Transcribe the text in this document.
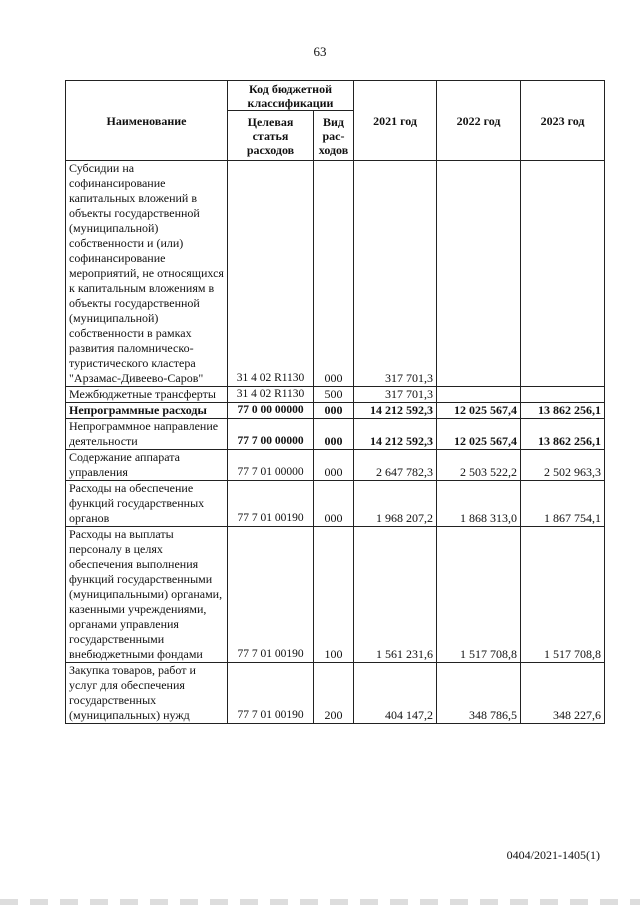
63
Наименование	Код бюджетной классификации		2021 год	2022 год	2023 год
	Целевая статья расходов	Вид рас-ходов			
Субсидии на софинансирование капитальных вложений в объекты государственной (муниципальной) собственности и (или) софинансирование мероприятий, не относящихся к капитальным вложениям в объекты государственной (муниципальной) собственности в рамках развития паломническо-туристического кластера "Арзамас-Дивеево-Саров"	31 4 02 R1130	000	317 701,3		
Межбюджетные трансферты	31 4 02 R1130	500	317 701,3		
Непрограммные расходы	77 0 00 00000	000	14 212 592,3	12 025 567,4	13 862 256,1
Непрограммное направление деятельности	77 7 00 00000	000	14 212 592,3	12 025 567,4	13 862 256,1
Содержание аппарата управления	77 7 01 00000	000	2 647 782,3	2 503 522,2	2 502 963,3
Расходы на обеспечение функций государственных органов	77 7 01 00190	000	1 968 207,2	1 868 313,0	1 867 754,1
Расходы на выплаты персоналу в целях обеспечения выполнения функций государственными (муниципальными) органами, казенными учреждениями, органами управления государственными внебюджетными фондами	77 7 01 00190	100	1 561 231,6	1 517 708,8	1 517 708,8
Закупка товаров, работ и услуг для обеспечения государственных (муниципальных) нужд	77 7 01 00190	200	404 147,2	348 786,5	348 227,6
0404/2021-1405(1)
